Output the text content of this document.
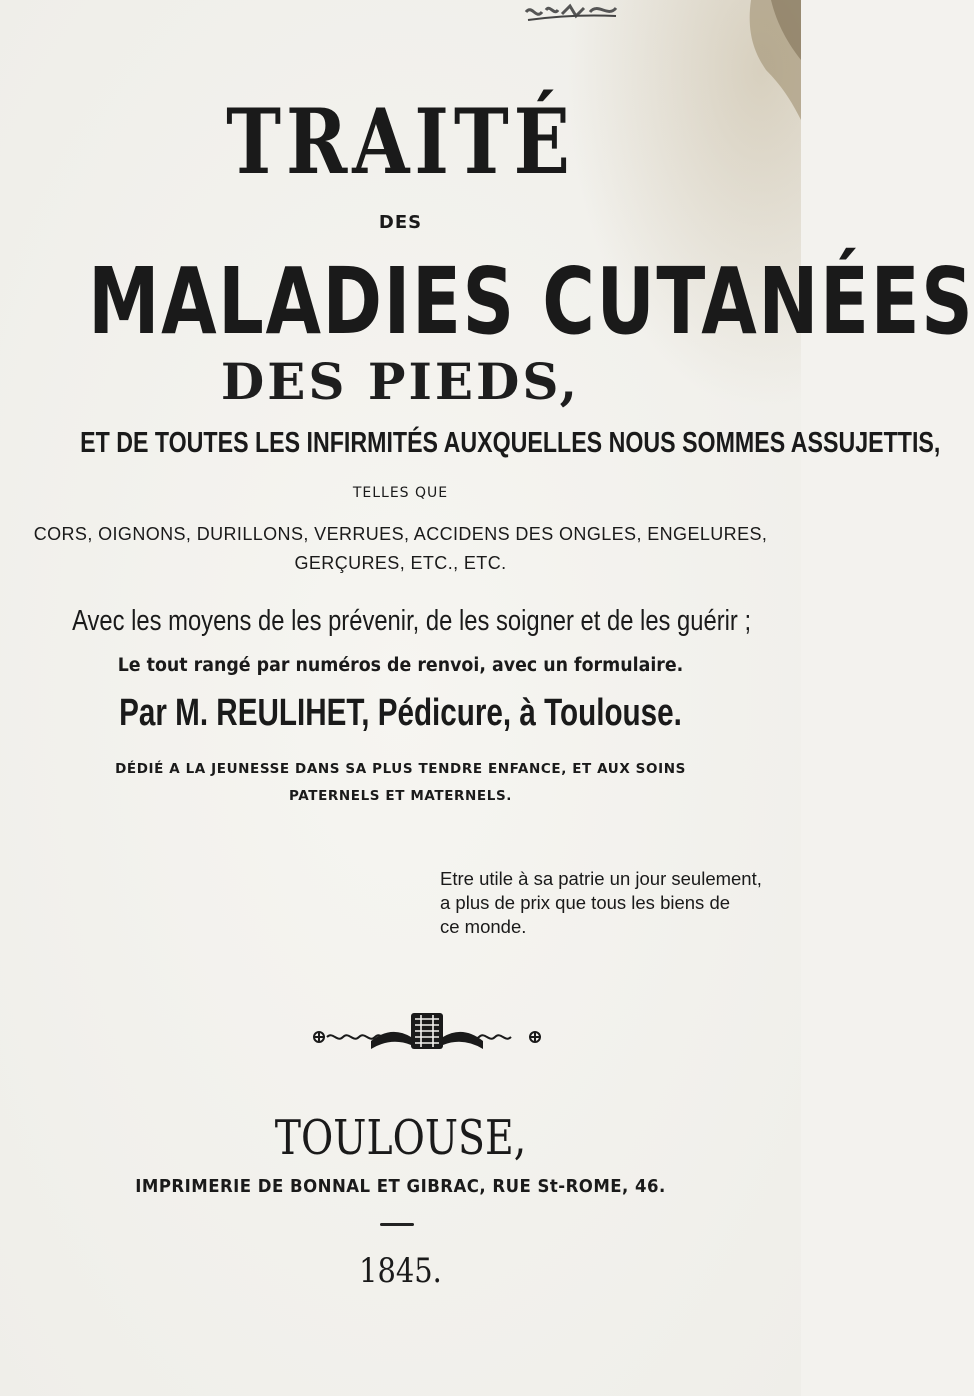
TRAITÉ
DES
MALADIES CUTANÉES
DES PIEDS,
ET DE TOUTES LES INFIRMITÉS AUXQUELLES NOUS SOMMES ASSUJETTIS,
TELLES QUE
CORS, OIGNONS, DURILLONS, VERRUES, ACCIDENS DES ONGLES, ENGELURES,
GERÇURES, ETC., ETC.
Avec les moyens de les prévenir, de les soigner et de les guérir ;
Le tout rangé par numéros de renvoi, avec un formulaire.
Par M. REULIHET, Pédicure, à Toulouse.
DÉDIÉ A LA JEUNESSE DANS SA PLUS TENDRE ENFANCE, ET AUX SOINS
PATERNELS ET MATERNELS.
Etre utile à sa patrie un jour seulement,
a plus de prix que tous les biens de
ce monde.
TOULOUSE,
IMPRIMERIE DE BONNAL ET GIBRAC, RUE St-ROME, 46.
1845.
